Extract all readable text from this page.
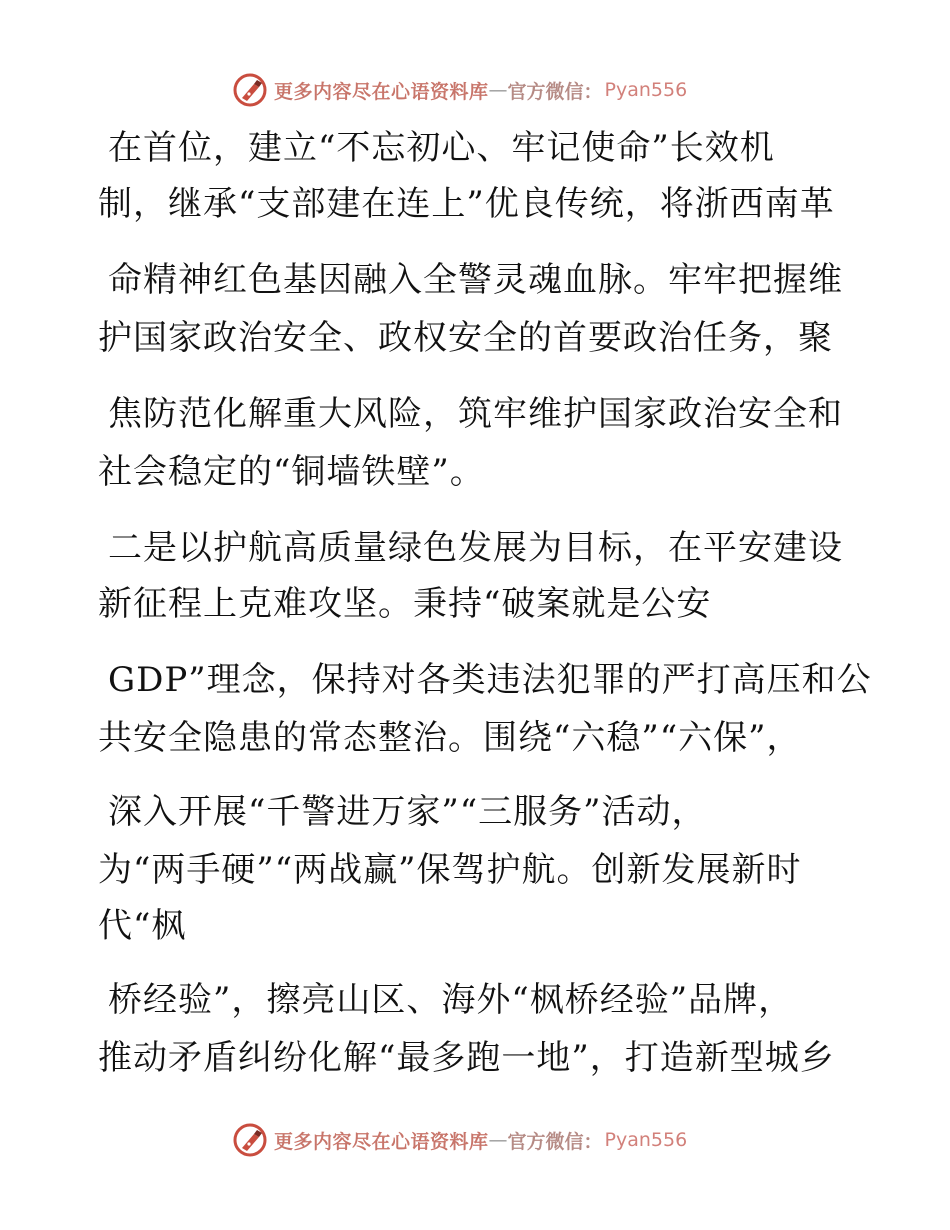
更多内容尽在心语资料库 — 官方微信： Pyan556

在首位，建立“不忘初心、牢记使命”长效机

制，继承“支部建在连上”优良传统，将浙西南革

命精神红色基因融入全警灵魂血脉。牢牢把握维

护国家政治安全、政权安全的首要政治任务，聚

焦防范化解重大风险，筑牢维护国家政治安全和

社会稳定的“铜墙铁壁”。

二是以护航高质量绿色发展为目标，在平安建设

新征程上克难攻坚。秉持“破案就是公安

GDP”理念，保持对各类违法犯罪的严打高压和公

共安全隐患的常态整治。围绕“六稳”“六保”，

深入开展“千警进万家”“三服务”活动，

为“两手硬”“两战赢”保驾护航。创新发展新时

代“枫

桥经验”，擦亮山区、海外“枫桥经验”品牌，

推动矛盾纠纷化解“最多跑一地”，打造新型城乡

更多内容尽在心语资料库 — 官方微信： Pyan556
